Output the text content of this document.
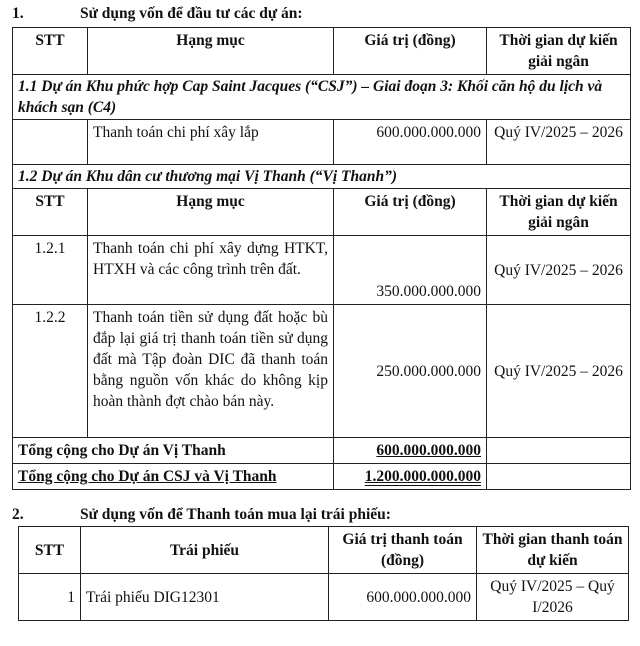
1.	Sử dụng vốn để đầu tư các dự án:
STT	Hạng mục	Giá trị (đồng)	Thời gian dự kiến giải ngân
1.1 Dự án Khu phức hợp Cap Saint Jacques (“CSJ”) – Giai đoạn 3: Khối căn hộ du lịch và khách sạn (C4)			
	Thanh toán chi phí xây lắp	600.000.000.000	Quý IV/2025 – 2026
1.2 Dự án Khu dân cư thương mại Vị Thanh (“Vị Thanh”)			
STT	Hạng mục	Giá trị (đồng)	Thời gian dự kiến giải ngân
1.2.1	Thanh toán chi phí xây dựng HTKT, HTXH và các công trình trên đất.	350.000.000.000	Quý IV/2025 – 2026
1.2.2	Thanh toán tiền sử dụng đất hoặc bù đắp lại giá trị thanh toán tiền sử dụng đất mà Tập đoàn DIC đã thanh toán bằng nguồn vốn khác do không kịp hoàn thành đợt chào bán này.	250.000.000.000	Quý IV/2025 – 2026
Tổng cộng cho Dự án Vị Thanh		600.000.000.000	
Tổng cộng cho Dự án CSJ và Vị Thanh		1.200.000.000.000	
2.	Sử dụng vốn để Thanh toán mua lại trái phiếu:
STT	Trái phiếu	Giá trị thanh toán (đồng)	Thời gian thanh toán dự kiến
1	Trái phiếu DIG12301	600.000.000.000	Quý IV/2025 – Quý I/2026
